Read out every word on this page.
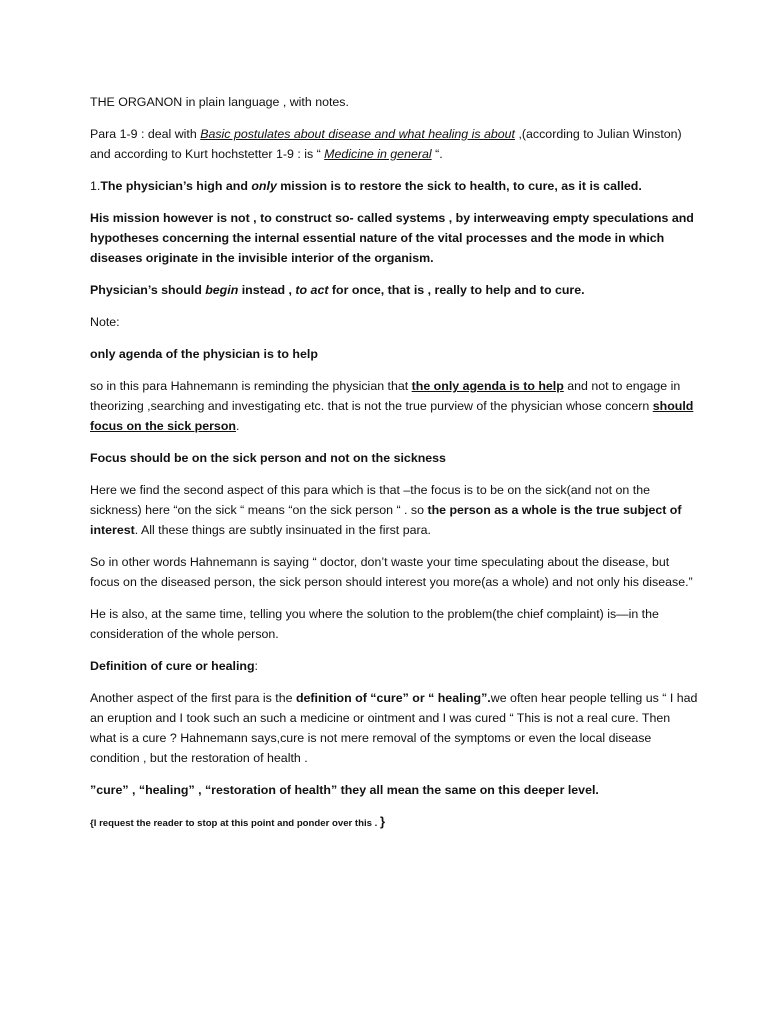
THE ORGANON in plain language , with notes.

Para 1-9 : deal with Basic postulates about disease and what healing is about ,(according to Julian Winston) and according to Kurt hochstetter 1-9 : is “ Medicine in general “.

1.The physician’s high and only mission is to restore the sick to health, to cure, as it is called.

His mission however is not , to construct so- called systems , by interweaving empty speculations and hypotheses concerning the internal essential nature of the vital processes and the mode in which diseases originate in the invisible interior of the organism.

Physician’s should begin instead , to act for once, that is , really to help and to cure.

Note:

only agenda of the physician is to help

so in this para Hahnemann is reminding the physician that the only agenda is to help and not to engage in theorizing ,searching and investigating etc. that is not the true purview of the physician whose concern should focus on the sick person.

Focus should be on the sick person and not on the sickness

Here we find the second aspect of this para which is that –the focus is to be on the sick(and not on the sickness) here “on the sick “ means “on the sick person “ . so the person as a whole is the true subject of interest. All these things are subtly insinuated in the first para.

So in other words Hahnemann is saying “ doctor, don’t waste your time speculating about the disease, but focus on the diseased person, the sick person should interest you more(as a whole) and not only his disease.”

He is also, at the same time, telling you where the solution to the problem(the chief complaint) is—in the consideration of the whole person.

Definition of cure or healing:

Another aspect of the first para is the definition of “cure” or “ healing”.we often hear people telling us “ I had an eruption and I took such an such a medicine or ointment and I was cured “ This is not a real cure. Then what is a cure ? Hahnemann says,cure is not mere removal of the symptoms or even the local disease condition , but the restoration of health .

”cure” , “healing” , “restoration of health” they all mean the same on this deeper level.

{I request the reader to stop at this point and ponder over this . }
